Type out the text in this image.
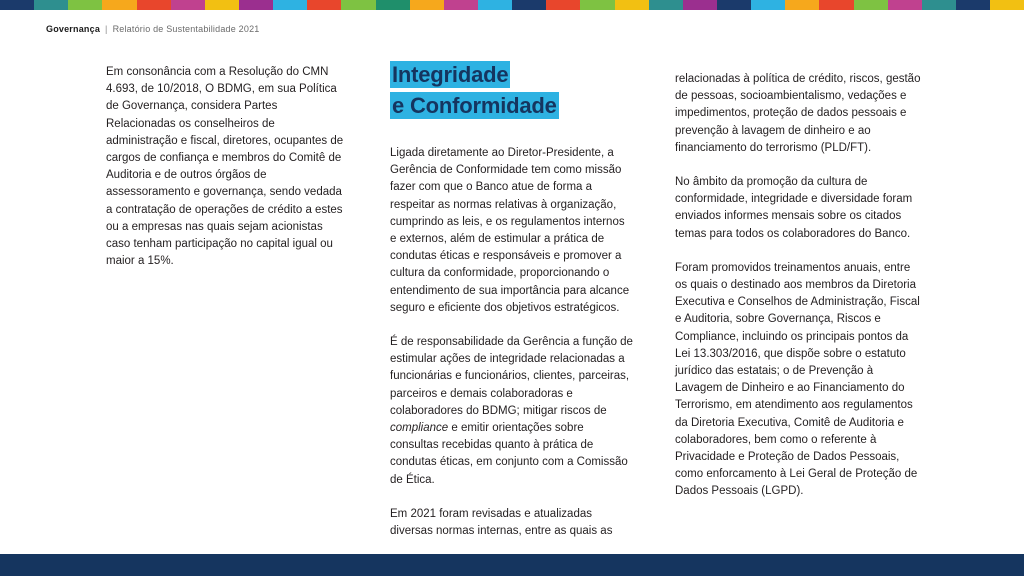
Governança | Relatório de Sustentabilidade 2021

Em consonância com a Resolução do CMN 4.693, de 10/2018, O BDMG, em sua Política de Governança, considera Partes Relacionadas os conselheiros de administração e fiscal, diretores, ocupantes de cargos de confiança e membros do Comitê de Auditoria e de outros órgãos de assessoramento e governança, sendo vedada a contratação de operações de crédito a estes ou a empresas nas quais sejam acionistas caso tenham participação no capital igual ou maior a 15%.

Integridade
e Conformidade

Ligada diretamente ao Diretor-Presidente, a Gerência de Conformidade tem como missão fazer com que o Banco atue de forma a respeitar as normas relativas à organização, cumprindo as leis, e os regulamentos internos e externos, além de estimular a prática de condutas éticas e responsáveis e promover a cultura da conformidade, proporcionando o entendimento de sua importância para alcance seguro e eficiente dos objetivos estratégicos.

É de responsabilidade da Gerência a função de estimular ações de integridade relacionadas a funcionárias e funcionários, clientes, parceiras, parceiros e demais colaboradoras e colaboradores do BDMG; mitigar riscos de compliance e emitir orientações sobre consultas recebidas quanto à prática de condutas éticas, em conjunto com a Comissão de Ética.

Em 2021 foram revisadas e atualizadas diversas normas internas, entre as quais as

relacionadas à política de crédito, riscos, gestão de pessoas, socioambientalismo, vedações e impedimentos, proteção de dados pessoais e prevenção à lavagem de dinheiro e ao financiamento do terrorismo (PLD/FT).

No âmbito da promoção da cultura de conformidade, integridade e diversidade foram enviados informes mensais sobre os citados temas para todos os colaboradores do Banco.

Foram promovidos treinamentos anuais, entre os quais o destinado aos membros da Diretoria Executiva e Conselhos de Administração, Fiscal e Auditoria, sobre Governança, Riscos e Compliance, incluindo os principais pontos da Lei 13.303/2016, que dispõe sobre o estatuto jurídico das estatais; o de Prevenção à Lavagem de Dinheiro e ao Financiamento do Terrorismo, em atendimento aos regulamentos da Diretoria Executiva, Comitê de Auditoria e colaboradores, bem como o referente à Privacidade e Proteção de Dados Pessoais, como enforcamento à Lei Geral de Proteção de Dados Pessoais (LGPD).
